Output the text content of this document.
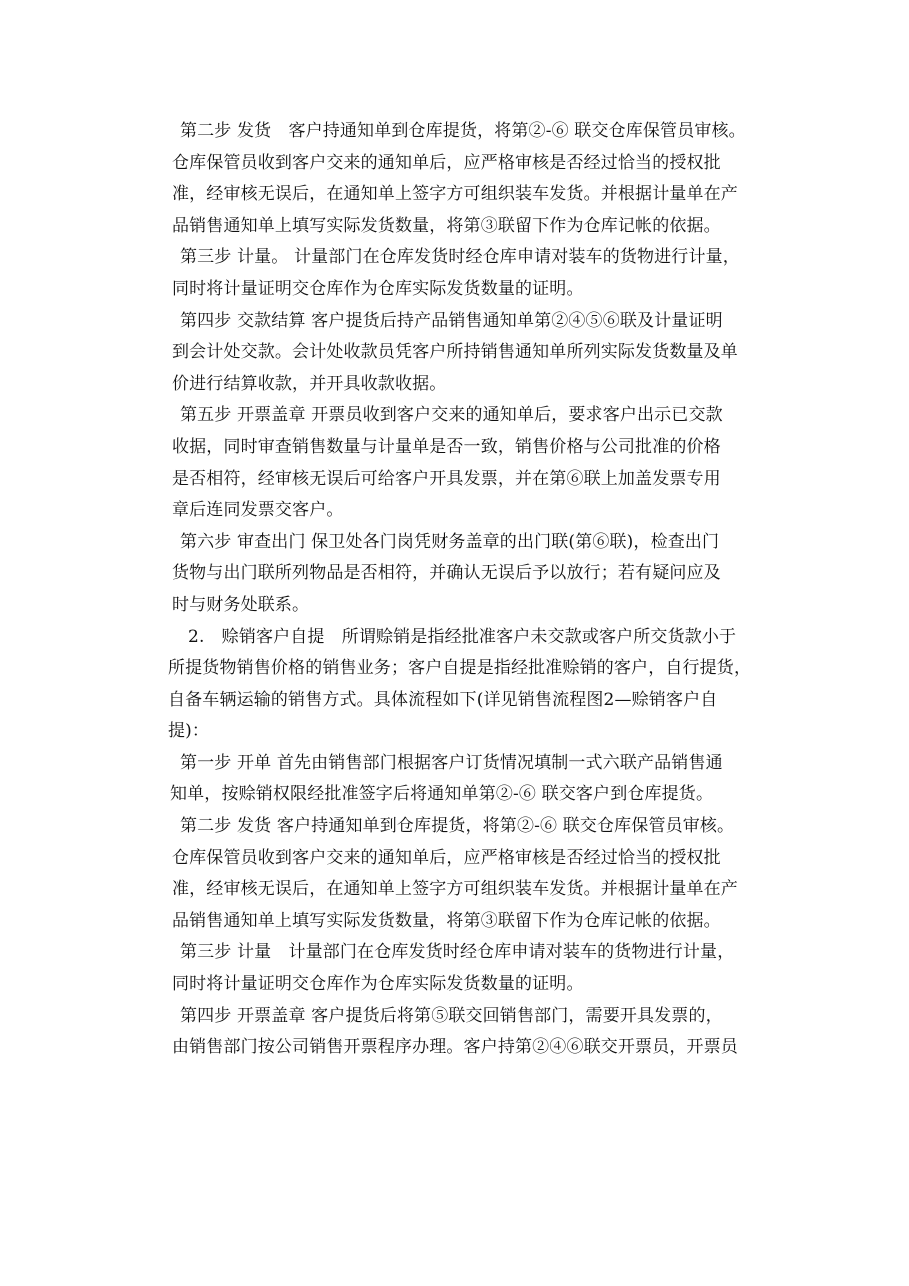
第二步 发货　客户持通知单到仓库提货，将第②-⑥ 联交仓库保管员审核。
仓库保管员收到客户交来的通知单后，应严格审核是否经过恰当的授权批
准，经审核无误后，在通知单上签字方可组织装车发货。并根据计量单在产
品销售通知单上填写实际发货数量，将第③联留下作为仓库记帐的依据。
第三步 计量。 计量部门在仓库发货时经仓库申请对装车的货物进行计量，
同时将计量证明交仓库作为仓库实际发货数量的证明。
第四步 交款结算 客户提货后持产品销售通知单第②④⑤⑥联及计量证明
到会计处交款。会计处收款员凭客户所持销售通知单所列实际发货数量及单
价进行结算收款，并开具收款收据。
第五步 开票盖章 开票员收到客户交来的通知单后，要求客户出示已交款
收据，同时审查销售数量与计量单是否一致，销售价格与公司批准的价格
是否相符，经审核无误后可给客户开具发票，并在第⑥联上加盖发票专用
章后连同发票交客户。
第六步 审查出门 保卫处各门岗凭财务盖章的出门联(第⑥联)，检查出门
货物与出门联所列物品是否相符，并确认无误后予以放行；若有疑问应及
时与财务处联系。
2.　赊销客户自提　所谓赊销是指经批准客户未交款或客户所交货款小于
所提货物销售价格的销售业务；客户自提是指经批准赊销的客户，自行提货，
自备车辆运输的销售方式。具体流程如下(详见销售流程图2—赊销客户自
提)：
第一步 开单 首先由销售部门根据客户订货情况填制一式六联产品销售通
知单，按赊销权限经批准签字后将通知单第②-⑥ 联交客户到仓库提货。
第二步 发货 客户持通知单到仓库提货，将第②-⑥ 联交仓库保管员审核。
仓库保管员收到客户交来的通知单后，应严格审核是否经过恰当的授权批
准，经审核无误后，在通知单上签字方可组织装车发货。并根据计量单在产
品销售通知单上填写实际发货数量，将第③联留下作为仓库记帐的依据。
第三步 计量　计量部门在仓库发货时经仓库申请对装车的货物进行计量，
同时将计量证明交仓库作为仓库实际发货数量的证明。
第四步 开票盖章 客户提货后将第⑤联交回销售部门，需要开具发票的，
由销售部门按公司销售开票程序办理。客户持第②④⑥联交开票员，开票员
